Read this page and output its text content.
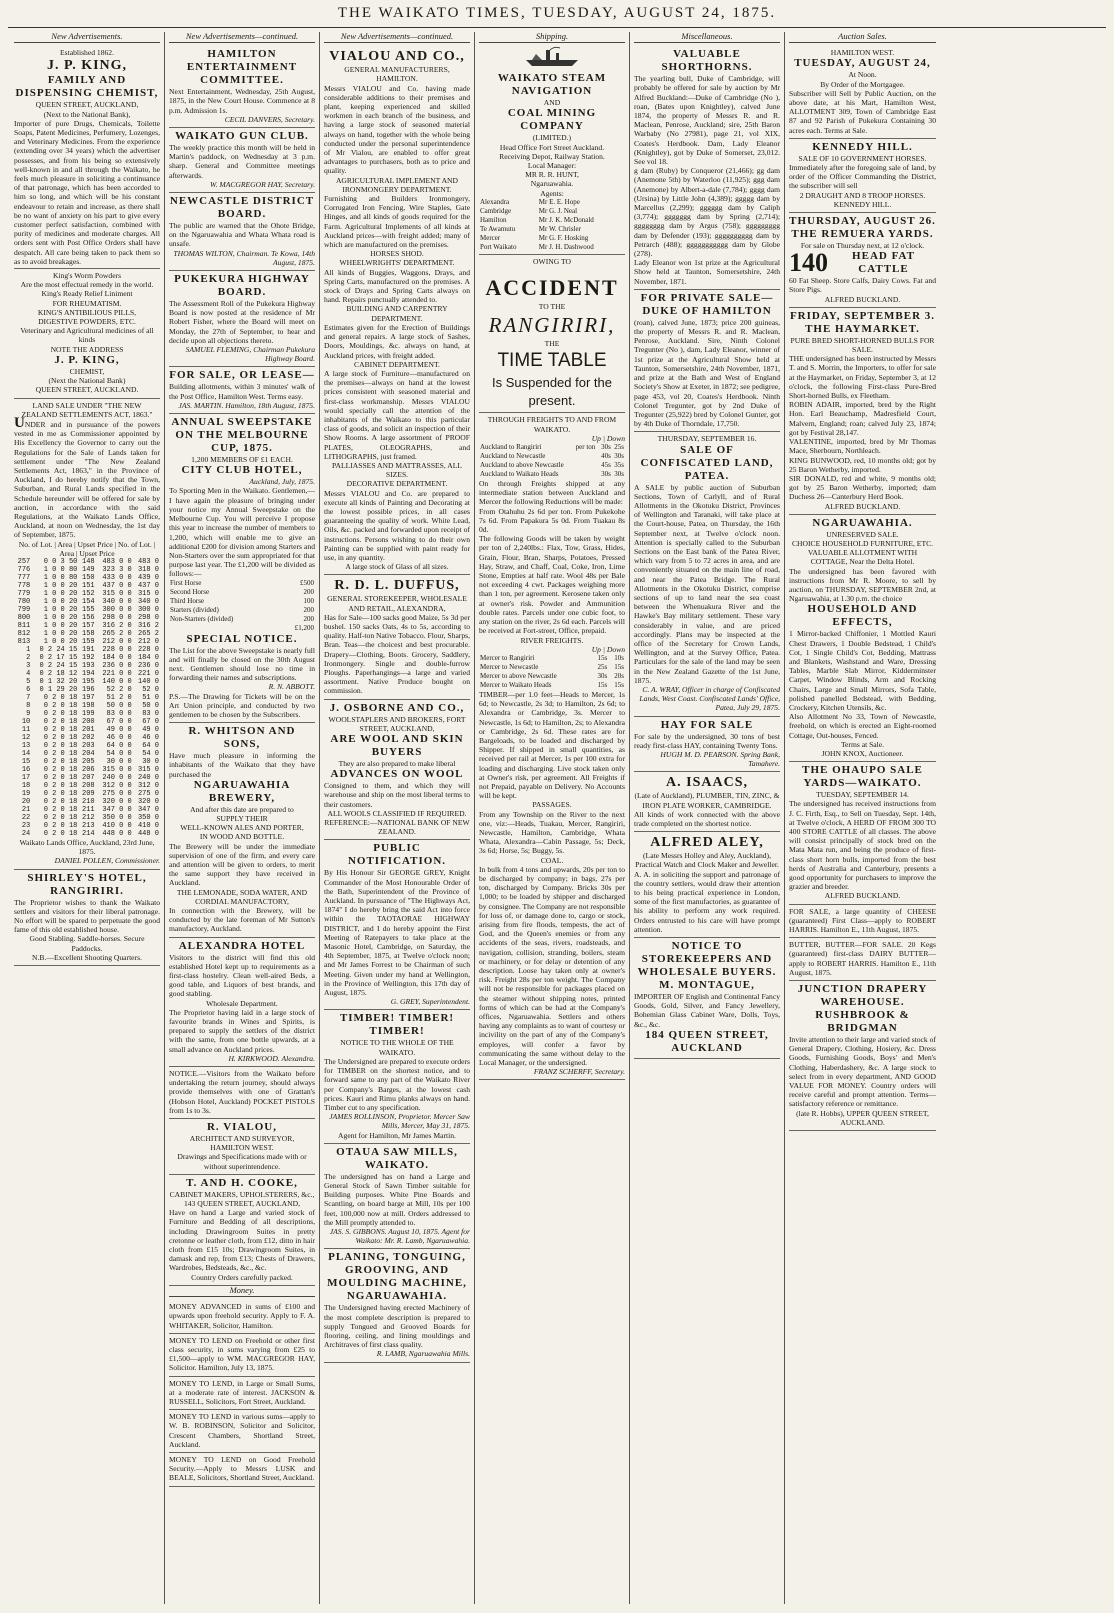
THE WAIKATO TIMES, TUESDAY, AUGUST 24, 1875.
New Advertisements.
Established 1862.
J. P. KING,
FAMILY AND DISPENSING CHEMIST,
QUEEN STREET, AUCKLAND,
(Next to the National Bank),
Importer of pure Drugs, Chemicals, Toilette Soaps, Patent Medicines, Perfumery, Lozenges, and Veterinary Medicines. From the experience (extending over 34 years) which the advertiser possesses, and from his being so extensively well-known in and all through the Waikato, he feels much pleasure in soliciting a continuance of that patronage, which has been accorded to him so long, and which will be his constant endeavour to retain and increase, as there shall be no want of anxiety on his part to give every customer perfect satisfaction, combined with purity of medicines and moderate charges. All orders sent with Post Office Orders shall have despatch. All care being taken to pack them so as to avoid breakages.
King's Worm Powders
Are the most effectual remedy in the world.
King's Ready Relief Liniment
FOR RHEUMATISM.
KING'S ANTIBILIOUS PILLS,
DIGESTIVE POWDERS, ETC.
Veterinary and Agricultural medicines of all kinds
NOTE THE ADDRESS
J. P. KING,
CHEMIST,
(Next the National Bank)
QUEEN STREET, AUCKLAND.
LAND SALE UNDER "THE NEW ZEALAND SETTLEMENTS ACT, 1863."
UNDER and in pursuance of the powers vested in me as Commissioner appointed by His Excellency the Governor to carry out the Regulations for the Sale of Lands taken for settlement under "The New Zealand Settlements Act, 1863," in the Province of Auckland, I do hereby notify that the Town, Suburban, and Rural Lands specified in the Schedule hereunder will be offered for sale by auction, in accordance with the said Regulations, at the Waikato Lands Office, Auckland, at noon on Wednesday, the 1st day of September, 1875.
No. of Lot. | Area | Upset Price | No. of Lot. | Area | Upset Price
257	0 0 3 50	148	483 0 0	483 0
776	1 0 0 80	149	323 3 0	318 0
777	1 0 0 80	150	433 0 0	439 0
778	1 0 0 20	151	437 0 0	437 0
779	1 0 0 20	152	315 0 0	315 0
780	1 0 0 20	154	340 0 0	340 0
799	1 0 0 20	155	300 0 0	300 0
800	1 0 0 20	156	298 0 0	298 0
811	1 0 0 20	157	316 2 0	316 2
812	1 0 0 20	158	265 2 0	265 2
813	1 0 0 20	159	212 0 0	212 0
1	0 2 24 15	191	228 0 0	228 0
2	0 2 17 15	192	184 0 0	184 0
3	0 2 24 15	193	236 0 0	236 0
4	0 2 18 12	194	221 0 0	221 0
5	0 1 32 20	195	140 0 0	140 0
6	0 1 29 20	196	52 2 0	52 0
7	0 2 0 18	197	51 2 0	51 0
8	0 2 0 18	198	50 0 0	50 0
9	0 2 0 18	199	83 0 0	83 0
10	0 2 0 18	200	67 0 0	67 0
11	0 2 0 18	201	49 0 0	49 0
12	0 2 0 18	202	46 0 0	46 0
13	0 2 0 18	203	64 0 0	64 0
14	0 2 0 18	204	54 0 0	54 0
15	0 2 0 18	205	30 0 0	30 0
16	0 2 0 18	206	315 0 0	315 0
17	0 2 0 18	207	240 0 0	240 0
18	0 2 0 18	208	312 0 0	312 0
19	0 2 0 18	209	275 0 0	275 0
20	0 2 0 18	210	320 0 0	320 0
21	0 2 0 18	211	347 0 0	347 0
22	0 2 0 18	212	350 0 0	350 0
23	0 2 0 18	213	410 0 0	410 0
24	0 2 0 18	214	448 0 0	448 0
Waikato Lands Office, Auckland, 23rd June, 1875.
DANIEL POLLEN, Commissioner.
SHIRLEY'S HOTEL, RANGIRIRI.
The Proprietor wishes to thank the Waikato settlers and visitors for their liberal patronage. No effort will be spared to perpetuate the good fame of this old established house.
Good Stabling. Saddle-horses. Secure Paddocks.
N.B.—Excellent Shooting Quarters.
New Advertisements—continued.
HAMILTON ENTERTAINMENT COMMITTEE.
Next Entertainment, Wednesday, 25th August, 1875, in the New Court House. Commence at 8 p.m. Admission 1s.
CECIL DANVERS, Secretary.
WAIKATO GUN CLUB.
The weekly practice this month will be held in Martin's paddock, on Wednesday at 3 p.m. sharp. General and Committee meetings afterwards.
W. MACGREGOR HAY, Secretary.
NEWCASTLE DISTRICT BOARD.
The public are warned that the Ohote Bridge, on the Ngaruawahia and Whata Whata road is unsafe.
THOMAS WILTON, Chairman. Te Kowa, 14th August, 1875.
PUKEKURA HIGHWAY BOARD.
The Assessment Roll of the Pukekura Highway Board is now posted at the residence of Mr Robert Fisher, where the Board will meet on Monday, the 27th of September, to hear and decide upon all objections thereto.
SAMUEL FLEMING, Chairman Pukekura Highway Board.
FOR SALE, OR LEASE—
Building allotments, within 3 minutes' walk of the Post Office, Hamilton West. Terms easy.
JAS. MARTIN. Hamilton, 18th August, 1875.
ANNUAL SWEEPSTAKE ON THE MELBOURNE CUP, 1875.
1,200 MEMBERS OF £1 EACH.
CITY CLUB HOTEL,
Auckland, July, 1875.
To Sporting Men in the Waikato. Gentlemen,—I have again the pleasure of bringing under your notice my Annual Sweepstake on the Melbourne Cup. You will perceive I propose this year to increase the number of members to 1,200, which will enable me to give an additional £200 for division among Starters and Non-Starters over the sum appropriated for that purpose last year. The £1,200 will be divided as follows:—
First Horse	£500
Second Horse	200
Third Horse	100
Starters (divided)	200
Non-Starters (divided)	200
	£1,200
SPECIAL NOTICE.
The List for the above Sweepstake is nearly full and will finally be closed on the 30th August next. Gentlemen should lose no time in forwarding their names and subscriptions.
R. N. ABBOTT.
P.S.—The Drawing for Tickets will be on the Art Union principle, and conducted by two gentlemen to be chosen by the Subscribers.
R. WHITSON AND SONS,
Have much pleasure in informing the inhabitants of the Waikato that they have purchased the
NGARUAWAHIA BREWERY,
And after this date are prepared to
SUPPLY THEIR
WELL-KNOWN ALES AND PORTER,
IN WOOD AND BOTTLE.
The Brewery will be under the immediate supervision of one of the firm, and every care and attention will be given to orders, to merit the same support they have received in Auckland.
THE LEMONADE, SODA WATER, AND CORDIAL MANUFACTORY,
In connection with the Brewery, will be conducted by the late foreman of Mr Sutton's manufactory, Auckland.
ALEXANDRA HOTEL
Visitors to the district will find this old established Hotel kept up to requirements as a first-class hostelry. Clean well-aired Beds, a good table, and Liquors of best brands, and good stabling.
Wholesale Department.
The Proprietor having laid in a large stock of favourite brands in Wines and Spirits, is prepared to supply the settlers of the district with the same, from one bottle upwards, at a small advance on Auckland prices.
H. KIRKWOOD. Alexandra.
NOTICE.—Visitors from the Waikato before undertaking the return journey, should always provide themselves with one of Grattan's (Hobson Hotel, Auckland) POCKET PISTOLS from 1s to 3s.
R. VIALOU,
ARCHITECT AND SURVEYOR, HAMILTON WEST.
Drawings and Specifications made with or without superintendence.
T. AND H. COOKE,
CABINET MAKERS, UPHOLSTERERS, &c., 143 QUEEN STREET, AUCKLAND,
Have on hand a Large and varied stock of Furniture and Bedding of all descriptions, including Drawingroom Suites in pretty cretonne or leather cloth, from £12, ditto in hair cloth from £15 10s; Drawingroom Suites, in damask and rep, from £13; Chests of Drawers, Wardrobes, Bedsteads, &c., &c.
Country Orders carefully packed.
Money.
MONEY ADVANCED in sums of £100 and upwards upon freehold security. Apply to F. A. WHITAKER, Solicitor, Hamilton.
MONEY TO LEND on Freehold or other first class security, in sums varying from £25 to £1,500—apply to WM. MACGREGOR HAY, Solicitor. Hamilton, July 13, 1875.
MONEY TO LEND, in Large or Small Sums, at a moderate rate of interest. JACKSON & RUSSELL, Solicitors, Fort Street, Auckland.
MONEY TO LEND in various sums—apply to W. B. ROBINSON, Solicitor and Solicitor, Crescent Chambers, Shortland Street, Auckland.
MONEY TO LEND on Good Freehold Security.—Apply to Messrs LUSK and BEALE, Solicitors, Shortland Street, Auckland.
New Advertisements—continued.
VIALOU AND CO.,
GENERAL MANUFACTURERS, HAMILTON.
Messrs VIALOU and Co. having made considerable additions to their premises and plant, keeping experienced and skilled workmen in each branch of the business, and having a large stock of seasoned material always on hand, together with the whole being conducted under the personal superintendence of Mr Vialou, are enabled to offer great advantages to purchasers, both as to price and quality.
AGRICULTURAL IMPLEMENT AND IRONMONGERY DEPARTMENT.
Furnishing and Builders Ironmongery, Corrugated Iron Fencing, Wire Staples, Gate Hinges, and all kinds of goods required for the Farm. Agricultural Implements of all kinds at Auckland prices—with freight added; many of which are manufactured on the premises.
HORSES SHOD.
WHEELWRIGHTS' DEPARTMENT.
All kinds of Buggies, Waggons, Drays, and Spring Carts, manufactured on the premises. A stock of Drays and Spring Carts always on hand. Repairs punctually attended to.
BUILDING AND CARPENTRY DEPARTMENT.
Estimates given for the Erection of Buildings and general repairs. A large stock of Sashes, Doors, Mouldings, &c. always on hand, at Auckland prices, with freight added.
CABINET DEPARTMENT.
A large stock of Furniture—manufactured on the premises—always on hand at the lowest prices consistent with seasoned material and first-class workmanship. Messrs VIALOU would specially call the attention of the inhabitants of the Waikato to this particular class of goods, and solicit an inspection of their Show Rooms. A large assortment of PROOF PLATES, OLEOGRAPHS, and LITHOGRAPHS, just framed.
PALLIASSES AND MATTRASSES, ALL SIZES.
DECORATIVE DEPARTMENT.
Messrs VIALOU and Co. are prepared to execute all kinds of Painting and Decorating at the lowest possible prices, in all cases guaranteeing the quality of work. White Lead, Oils, &c. packed and forwarded upon receipt of instructions. Persons wishing to do their own Painting can be supplied with paint ready for use, in any quantity.
A large stock of Glass of all sizes.
R. D. L. DUFFUS,
GENERAL STOREKEEPER, WHOLESALE AND RETAIL, ALEXANDRA,
Has for Sale—100 sacks good Maize, 5s 3d per bushel. 150 sacks Oats, 4s to 5s, according to quality. Half-ton Native Tobacco. Flour, Sharps, Bran. Teas—the choicest and best procurable. Drapery—Clothing, Boots. Grocery, Saddlery, Ironmongery. Single and double-furrow Ploughs. Paperhangings—a large and varied assortment. Native Produce bought on commission.
J. OSBORNE AND CO.,
WOOLSTAPLERS AND BROKERS, FORT STREET, AUCKLAND,
ARE WOOL AND SKIN BUYERS
They are also prepared to make liberal
ADVANCES ON WOOL
Consigned to them, and which they will warehouse and ship on the most liberal terms to their customers.
ALL WOOLS CLASSIFIED IF REQUIRED.
REFERENCE:—NATIONAL BANK OF NEW ZEALAND.
PUBLIC NOTIFICATION.
By His Honour Sir GEORGE GREY, Knight Commander of the Most Honourable Order of the Bath, Superintendent of the Province of Auckland. In pursuance of "The Highways Act, 1874" I do hereby bring the said Act into force within the TAOTAORAE HIGHWAY DISTRICT, and I do hereby appoint the First Meeting of Ratepayers to take place at the Masonic Hotel, Cambridge, on Saturday, the 4th September, 1875, at Twelve o'clock noon; and Mr James Forrest to be Chairman of such Meeting. Given under my hand at Wellington, in the Province of Wellington, this 17th day of August, 1875.
G. GREY, Superintendent.
TIMBER! TIMBER! TIMBER!
NOTICE TO THE WHOLE OF THE WAIKATO.
The Undersigned are prepared to execute orders for TIMBER on the shortest notice, and to forward same to any part of the Waikato River per Company's Barges, at the lowest cash prices. Kauri and Rimu planks always on hand. Timber cut to any specification.
JAMES ROLLINSON, Proprietor. Mercer Saw Mills, Mercer, May 31, 1875.
Agent for Hamilton, Mr James Martin.
OTAUA SAW MILLS, WAIKATO.
The undersigned has on hand a Large and General Stock of Sawn Timber suitable for Building purposes. White Pine Boards and Scantling, on board barge at Mill, 10s per 100 feet, 100,000 now at mill. Orders addressed to the Mill promptly attended to.
JAS. S. GIBBONS. August 10, 1875. Agent for Waikato: Mr. R. Lamb, Ngaruawahia.
PLANING, TONGUING, GROOVING, AND MOULDING MACHINE, NGARUAWAHIA.
The Undersigned having erected Machinery of the most complete description is prepared to supply Tongued and Grooved Boards for flooring, ceiling, and lining mouldings and Architraves of first class quality.
R. LAMB, Ngaruawahia Mills.
Shipping.
WAIKATO STEAM NAVIGATION
AND
COAL MINING COMPANY
(LIMITED.)
Head Office Fort Street Auckland.
Receiving Depot, Railway Station.
Local Manager:
MR R. R. HUNT,
Ngaruawahia.
Agents:
Alexandra	Mr E. E. Hope
Cambridge	Mr G. J. Neal
Hamilton	Mr J. K. McDonald
Te Awamutu	Mr W. Chrisler
Mercer	Mr G. F. Hosking
Port Waikato	Mr J. H. Dashwood
OWING TO
ACCIDENT
TO THE
RANGIRIRI,
THE
TIME TABLE
Is Suspended for the present.
THROUGH FREIGHTS TO AND FROM WAIKATO.
Up | Down
Auckland to Rangiriri	per ton	30s	25s
Auckland to Newcastle		40s	30s
Auckland to above Newcastle		45s	35s
Auckland to Waikato Heads		30s	30s
On through Freights shipped at any intermediate station between Auckland and Mercer the following Reductions will be made:
From Otahuhu 2s 6d per ton. From Pukekohe 7s 6d. From Papakura 5s 0d. From Tuakau 8s 0d.
The following Goods will be taken by weight per ton of 2,240lbs.: Flax, Tow, Grass, Hides, Grain, Flour, Bran, Sharps, Potatoes, Pressed Hay, Straw, and Chaff, Coal, Coke, Iron, Lime Stone, Empties at half rate. Wool 48s per Bale not exceeding 4 cwt. Packages weighing more than 1 ton, per agreement. Kerosene taken only at owner's risk. Powder and Ammunition double rates. Parcels under one cubic foot, to any station on the river, 2s 6d each. Parcels will be received at Fort-street, Office, prepaid.
RIVER FREIGHTS.
Up | Down
Mercer to Rangiriri	15s	10s
Mercer to Newcastle	25s	15s
Mercer to above Newcastle	30s	20s
Mercer to Waikato Heads	15s	15s
TIMBER—per 1.0 feet—Heads to Mercer, 1s 6d; to Newcastle, 2s 3d; to Hamilton, 2s 6d; to Alexandra or Cambridge, 3s. Mercer to Newcastle, 1s 6d; to Hamilton, 2s; to Alexandra or Cambridge, 2s 6d. These rates are for Bargeloads, to be loaded and discharged by Shipper. If shipped in small quantities, as received per rail at Mercer, 1s per 100 extra for loading and discharging. Live stock taken only at Owner's risk, per agreement. All Freights if not Prepaid, payable on Delivery. No Accounts will be kept.
PASSAGES.
From any Township on the River to the next one, viz:—Heads, Tuakau, Mercer, Rangiriri, Newcastle, Hamilton, Cambridge, Whata Whata, Alexandra—Cabin Passage, 5s; Deck, 3s 6d; Horse, 5s; Buggy, 5s.
COAL.
In bulk from 4 tons and upwards, 20s per ton to be discharged by company; in bags, 27s per ton, discharged by Company. Bricks 30s per 1,000; to be loaded by shipper and discharged by consignee. The Company are not responsible for loss of, or damage done to, cargo or stock, arising from fire floods, tempests, the act of God, and the Queen's enemies or from any accidents of the seas, rivers, roadsteads, and navigation, collision, stranding, boilers, steam or machinery, or for delay or detention of any description. Loose hay taken only at owner's risk. Freight 28s per ton weight. The Company will not be responsible for packages placed on the steamer without shipping notes, printed forms of which can be had at the Company's offices, Ngaruawahia. Settlers and others having any complaints as to want of courtesy or incivility on the part of any of the Company's employes, will confer a favor by communicating the same without delay to the Local Manager, or the undersigned.
FRANZ SCHERFF, Secretary.
Miscellaneous.
VALUABLE SHORTHORNS.
The yearling bull, Duke of Cambridge, will probably be offered for sale by auction by Mr Alfred Buckland:—Duke of Cambridge (No ), roan, (Bates upon Knightley), calved June 1874, the property of Messrs R. and R. Maclean, Penrose, Auckland; sire, 25th Baron Warbaby (No 27981), page 21, vol XIX, Coates's Herdbook. Dam, Lady Eleanor (Knightley), got by Duke of Somerset, 23,012. See vol 18.
g dam (Ruby) by Conqueror (21,466); gg dam (Anemone 5th) by Waterloo (11,925); ggg dam (Anemone) by Albert-a-dale (7,784); gggg dam (Ursina) by Little John (4,389); ggggg dam by Marcellus (2,299); gggggg dam by Caliph (3,774); ggggggg dam by Spring (2,714); gggggggg dam by Argus (758); ggggggggg dam by Defender (193); gggggggggg dam by Petrarch (488); ggggggggggg dam by Globe (278).
Lady Eleanor won 1st prize at the Agricultural Show held at Taunton, Somersetshire, 24th November, 1871.
FOR PRIVATE SALE—DUKE OF HAMILTON
(roan), calved June, 1873; price 200 guineas, the property of Messrs R. and R. Maclean, Penrose, Auckland. Sire, Ninth Colonel Tregunter (No ), dam, Lady Eleanor, winner of 1st prize at the Agricultural Show held at Taunton, Somersetshire, 24th November, 1871, and prize at the Bath and West of England Society's Show at Exeter, in 1872; see pedigree, page 453, vol 20, Coates's Herdbook. Ninth Colonel Tregunter, got by 2nd Duke of Tregunter (25,922) bred by Colonel Gunter, got by 4th Duke of Thorndale, 17,750.
THURSDAY, SEPTEMBER 16.
SALE OF CONFISCATED LAND, PATEA.
A SALE by public auction of Suburban Sections, Town of Carlyll, and of Rural Allotments in the Okotuku District, Provinces of Wellington and Taranaki, will take place at the Court-house, Patea, on Thursday, the 16th September next, at Twelve o'clock noon. Attention is specially called to the Suburban Sections on the East bank of the Patea River, which vary from 5 to 72 acres in area, and are conveniently situated on the main line of road, and near the Patea Bridge. The Rural Allotments in the Okotuku District, comprise sections of up to land near the sea coast between the Whenuakura River and the Hawke's Bay military settlement. These vary considerably in value, and are priced accordingly. Plans may be inspected at the office of the Secretary for Crown Lands, Wellington, and at the Survey Office, Patea. Particulars for the sale of the land may be seen in the New Zealand Gazette of the 1st June, 1875.
C. A. WRAY, Officer in charge of Confiscated Lands, West Coast. Confiscated Lands' Office, Patea, July 29, 1875.
HAY FOR SALE
For sale by the undersigned, 30 tons of best ready first-class HAY, containing Twenty Tons.
HUGH M. D. PEARSON. Spring Bank, Tamahere.
A. ISAACS,
(Late of Auckland), PLUMBER, TIN, ZINC, & IRON PLATE WORKER, CAMBRIDGE.
All kinds of work connected with the above trade completed on the shortest notice.
ALFRED ALEY,
(Late Messrs Holley and Aley, Auckland), Practical Watch and Clock Maker and Jeweller.
A. A. in soliciting the support and patronage of the country settlers, would draw their attention to his being practical experience in London, some of the first manufactories, as guarantee of his ability to perform any work required. Orders entrusted to his care will have prompt attention.
NOTICE TO STOREKEEPERS AND WHOLESALE BUYERS.
M. MONTAGUE,
IMPORTER OF English and Continental Fancy Goods, Gold, Silver, and Fancy Jewellery, Bohemian Glass Cabinet Ware, Dolls, Toys, &c., &c.
184 QUEEN STREET, AUCKLAND
Auction Sales.
HAMILTON WEST.
TUESDAY, AUGUST 24,
At Noon.
By Order of the Mortgagee.
Subscriber will Sell by Public Auction, on the above date, at his Mart, Hamilton West, ALLOTMENT 309, Town of Cambridge East 87 and 92 Parish of Pukekura Containing 30 acres each. Terms at Sale.
KENNEDY HILL.
SALE OF 10 GOVERNMENT HORSES.
Immediately after the foregoing sale of land, by order of the Officer Commanding the District, the subscriber will sell
2 DRAUGHT AND 8 TROOP HORSES.
KENNEDY HILL.
THURSDAY, AUGUST 26.
THE REMUERA YARDS.
For sale on Thursday next, at 12 o'clock.
140	HEAD FAT CATTLE
60 Fat Sheep. Store Calfs, Dairy Cows. Fat and Store Pigs.
ALFRED BUCKLAND.
FRIDAY, SEPTEMBER 3.
THE HAYMARKET.
PURE BRED SHORT-HORNED BULLS FOR SALE.
THE undersigned has been instructed by Messrs T. and S. Morrin, the Importers, to offer for sale at the Haymarket, on Friday, September 3, at 12 o'clock, the following First-class Pure-Bred Short-horned Bulls, ex Fleetham.
ROBIN ADAIR, imported, bred by the Right Hon. Earl Beauchamp, Madresfield Court, Malvern, England; roan; calved July 23, 1874; got by Festival 28,147.
VALENTINE, imported, bred by Mr Thomas Mace, Sherbourn, Northleach.
KING BUNWOOD, red, 10 months old; got by 25 Baron Wetherby, imported.
SIR DONALD, red and white, 9 months old; got by 25 Baron Wetherby, imported; dam Duchess 26—Canterbury Herd Book.
ALFRED BUCKLAND.
NGARUAWAHIA.
UNRESERVED SALE.
CHOICE HOUSEHOLD FURNITURE, ETC.
VALUABLE ALLOTMENT WITH COTTAGE, Near the Delta Hotel.
The undersigned has been favored with instructions from Mr R. Moore, to sell by auction, on THURSDAY, SEPTEMBER 2nd, at Ngaruawahia, at 1.30 p.m. the choice
HOUSEHOLD AND EFFECTS,
1 Mirror-backed Chiffonier, 1 Mottled Kauri Chest Drawers, 1 Double Bedstead, 1 Child's Cot, 1 Single Child's Cot, Bedding, Mattrass and Blankets, Washstand and Ware, Dressing Tables, Marble Slab Mirror, Kidderminster Carpet, Window Blinds, Arm and Rocking Chairs, Large and Small Mirrors, Sofa Table, polished panelled Bedstead, with Bedding, Crockery, Kitchen Utensils, &c.
Also Allotment No 33, Town of Newcastle, freehold, on which is erected an Eight-roomed Cottage, Out-houses, Fenced.
Terms at Sale.
JOHN KNOX, Auctioneer.
THE OHAUPO SALE YARDS—WAIKATO.
TUESDAY, SEPTEMBER 14.
The undersigned has received instructions from J. C. Firth, Esq., to Sell on Tuesday, Sept. 14th, at Twelve o'clock, A HERD OF FROM 300 TO 400 STORE CATTLE of all classes. The above will consist principally of stock bred on the Mata Mata run, and being the produce of first-class short horn bulls, imported from the best herds of Australia and Canterbury, presents a good opportunity for purchasers to improve the grazier and breeder.
ALFRED BUCKLAND.
FOR SALE, a large quantity of CHEESE (guaranteed) First Class—apply to ROBERT HARRIS. Hamilton E., 11th August, 1875.
BUTTER, BUTTER—FOR SALE. 20 Kegs (guaranteed) first-class DAIRY BUTTER—apply to ROBERT HARRIS. Hamilton E., 11th August, 1875.
JUNCTION DRAPERY WAREHOUSE.
RUSHBROOK & BRIDGMAN
Invite attention to their large and varied stock of General Drapery, Clothing, Hosiery, &c. Dress Goods, Furnishing Goods, Boys' and Men's Clothing, Haberdashery, &c. A large stock to select from in every department, AND GOOD VALUE FOR MONEY. Country orders will receive careful and prompt attention. Terms—satisfactory reference or remittance.
(late R. Hobbs), UPPER QUEEN STREET, AUCKLAND.
